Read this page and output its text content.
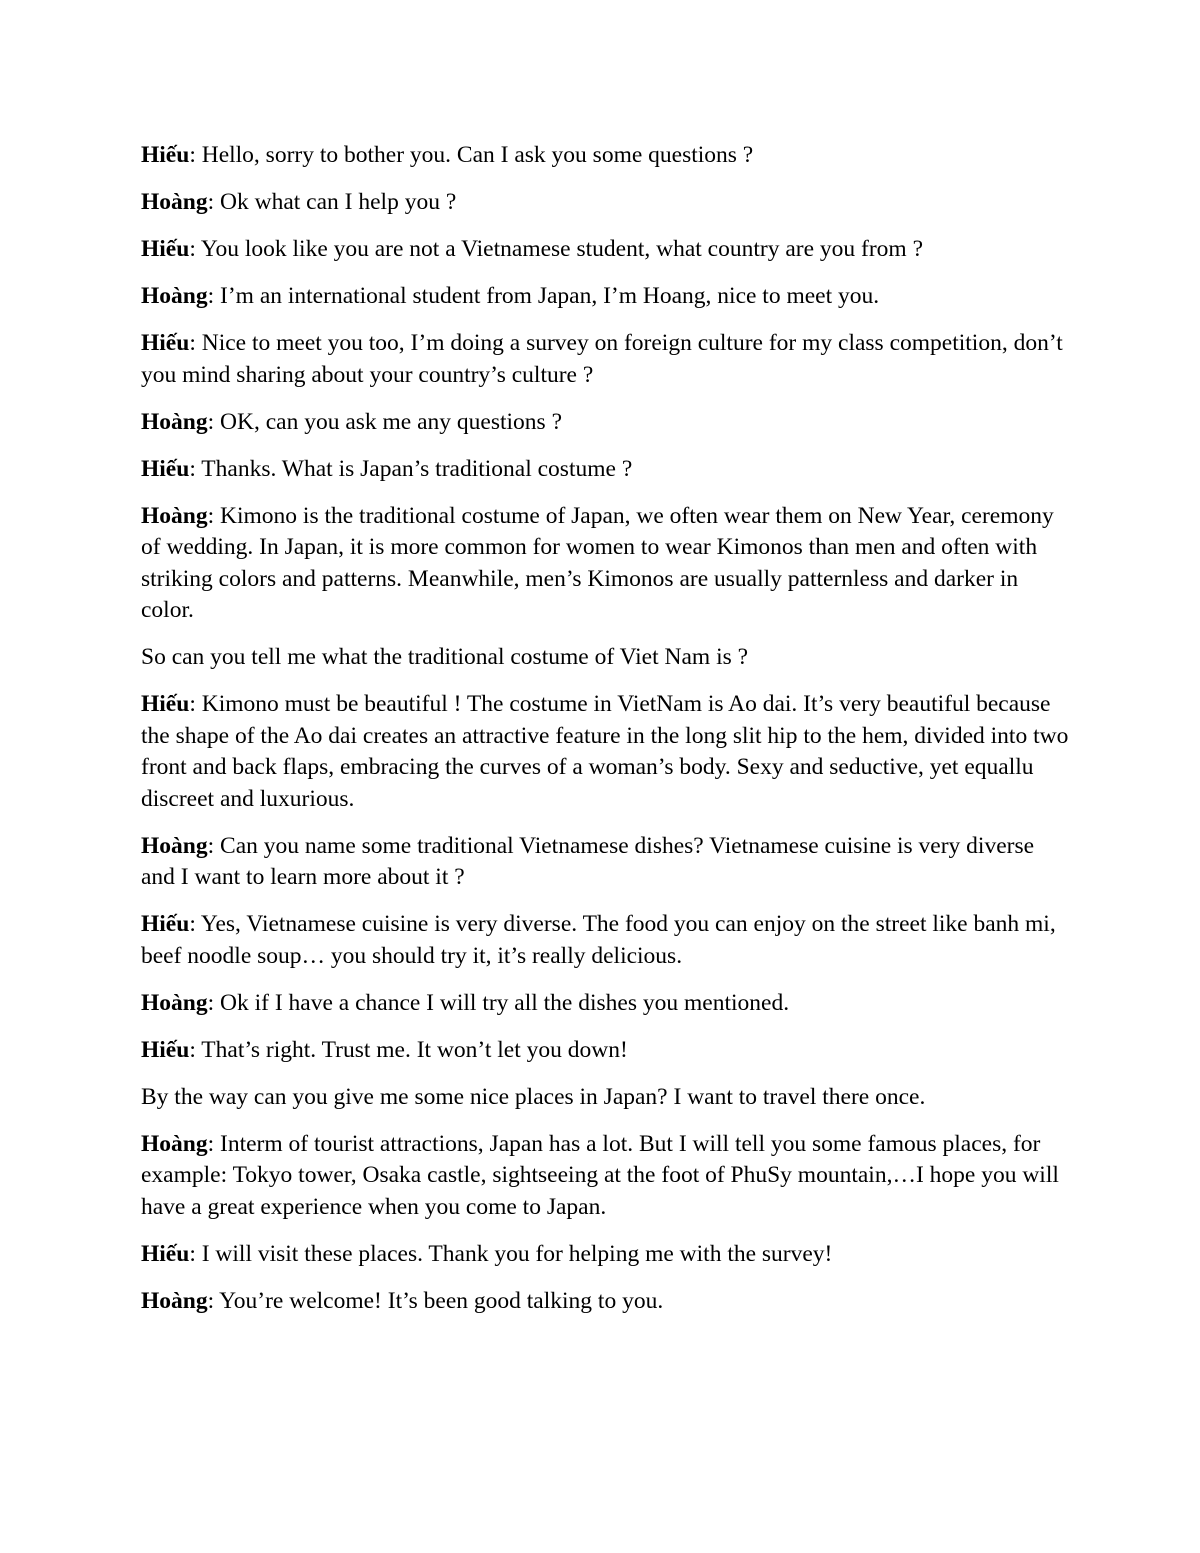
Hiếu: Hello, sorry to bother you. Can I ask you some questions ?

Hoàng: Ok what can I help you ?

Hiếu: You look like you are not a Vietnamese student, what country are you from ?

Hoàng: I’m an international student from Japan, I’m Hoang, nice to meet you.

Hiếu: Nice to meet you too, I’m doing a survey on foreign culture for my class competition, don’t you mind sharing about your country’s culture ?

Hoàng: OK, can you ask me any questions ?

Hiếu: Thanks. What is Japan’s traditional costume ?

Hoàng: Kimono is the traditional costume of Japan, we often wear them on New Year, ceremony of wedding. In Japan, it is more common for women to wear Kimonos than men and often with striking colors and patterns. Meanwhile, men’s Kimonos are usually patternless and darker in color.

So can you tell me what the traditional costume of Viet Nam is ?

Hiếu: Kimono must be beautiful ! The costume in VietNam is Ao dai. It’s very beautiful because the shape of the Ao dai creates an attractive feature in the long slit hip to the hem, divided into two front and back flaps, embracing the curves of a woman’s body. Sexy and seductive, yet equallu discreet and luxurious.

Hoàng: Can you name some traditional Vietnamese dishes? Vietnamese cuisine is very diverse and I want to learn more about it ?

Hiếu: Yes, Vietnamese cuisine is very diverse. The food you can enjoy on the street like banh mi, beef noodle soup… you should try it, it’s really delicious.

Hoàng: Ok if I have a chance I will try all the dishes you mentioned.

Hiếu: That’s right. Trust me. It won’t let you down!

By the way can you give me some nice places in Japan? I want to travel there once.

Hoàng: Interm of tourist attractions, Japan has a lot. But I will tell you some famous places, for example: Tokyo tower, Osaka castle, sightseeing at the foot of PhuSy mountain,…I hope you will have a great experience when you come to Japan.

Hiếu: I will visit these places. Thank you for helping me with the survey!

Hoàng: You’re welcome! It’s been good talking to you.
